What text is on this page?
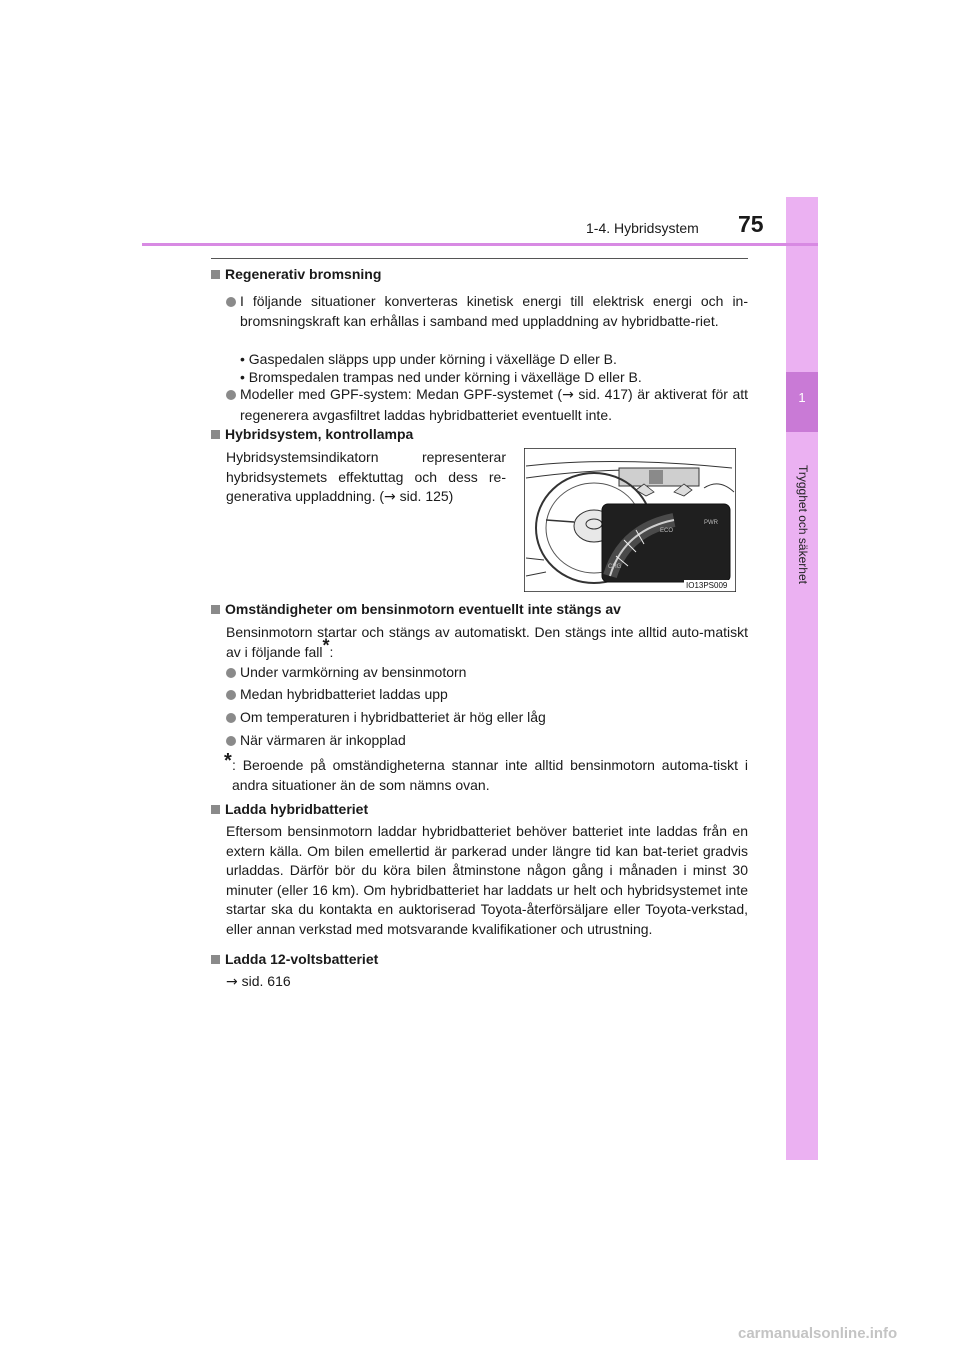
1
Trygghet och säkerhet
1-4. Hybridsystem 75
Regenerativ bromsning
I följande situationer konverteras kinetisk energi till elektrisk energi och in-bromsningskraft kan erhållas i samband med uppladdning av hybridbatte-riet.
• Gaspedalen släpps upp under körning i växelläge D eller B.
• Bromspedalen trampas ned under körning i växelläge D eller B.
Modeller med GPF-system: Medan GPF-systemet (→ sid. 417) är aktiverat för att regenerera avgasfiltret laddas hybridbatteriet eventuellt inte.
Hybridsystem, kontrollampa
Hybridsystemsindikatorn representerar hybridsystemets effektuttag och dess re-generativa uppladdning. (→ sid. 125)
ECO
PWR
CHG
IO13PS009
Omständigheter om bensinmotorn eventuellt inte stängs av
Bensinmotorn startar och stängs av automatiskt. Den stängs inte alltid auto-matiskt av i följande fall*:
Under varmkörning av bensinmotorn
Medan hybridbatteriet laddas upp
Om temperaturen i hybridbatteriet är hög eller låg
När värmaren är inkopplad
* : Beroende på omständigheterna stannar inte alltid bensinmotorn automa-tiskt i andra situationer än de som nämns ovan.
Ladda hybridbatteriet
Eftersom bensinmotorn laddar hybridbatteriet behöver batteriet inte laddas från en extern källa. Om bilen emellertid är parkerad under längre tid kan bat-teriet gradvis urladdas. Därför bör du köra bilen åtminstone någon gång i månaden i minst 30 minuter (eller 16 km). Om hybridbatteriet har laddats ur helt och hybridsystemet inte startar ska du kontakta en auktoriserad Toyota-återförsäljare eller Toyota-verkstad, eller annan verkstad med motsvarande kvalifikationer och utrustning.
Ladda 12-voltsbatteriet
→ sid. 616
carmanualsonline.info
